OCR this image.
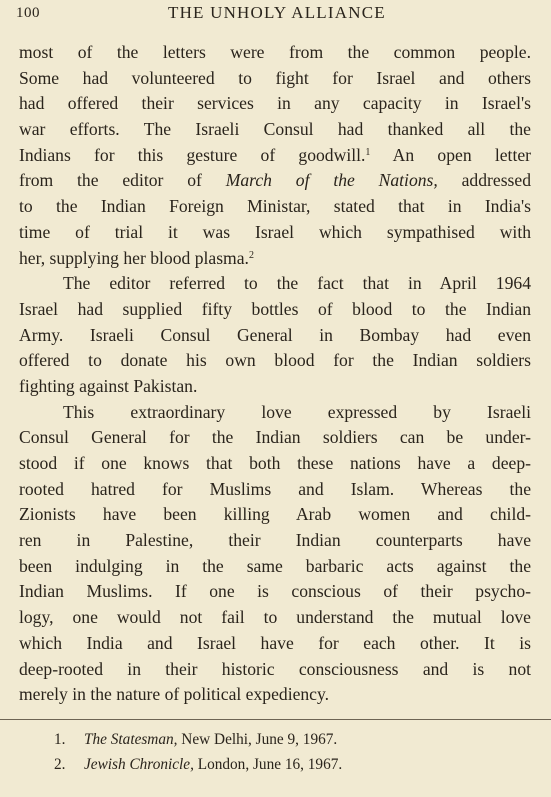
100	THE UNHOLY ALLIANCE
most of the letters were from the common people.
Some had volunteered to fight for Israel and others
had offered their services in any capacity in Israel's
war efforts. The Israeli Consul had thanked all the
Indians for this gesture of goodwill.$^1$ An open letter
from the editor of March of the Nations, addressed
to the Indian Foreign Ministar, stated that in India's
time of trial it was Israel which sympathised with
her, supplying her blood plasma.$^2$
The editor referred to the fact that in April 1964
Israel had supplied fifty bottles of blood to the Indian
Army. Israeli Consul General in Bombay had even
offered to donate his own blood for the Indian soldiers
fighting against Pakistan.
This extraordinary love expressed by Israeli
Consul General for the Indian soldiers can be under-
stood if one knows that both these nations have a deep-
rooted hatred for Muslims and Islam. Whereas the
Zionists have been killing Arab women and child-
ren in Palestine, their Indian counterparts have
been indulging in the same barbaric acts against the
Indian Muslims. If one is conscious of their psycho-
logy, one would not fail to understand the mutual love
which India and Israel have for each other. It is
deep-rooted in their historic consciousness and is not
merely in the nature of political expediency.
1. The Statesman, New Delhi, June 9, 1967.
2. Jewish Chronicle, London, June 16, 1967.
